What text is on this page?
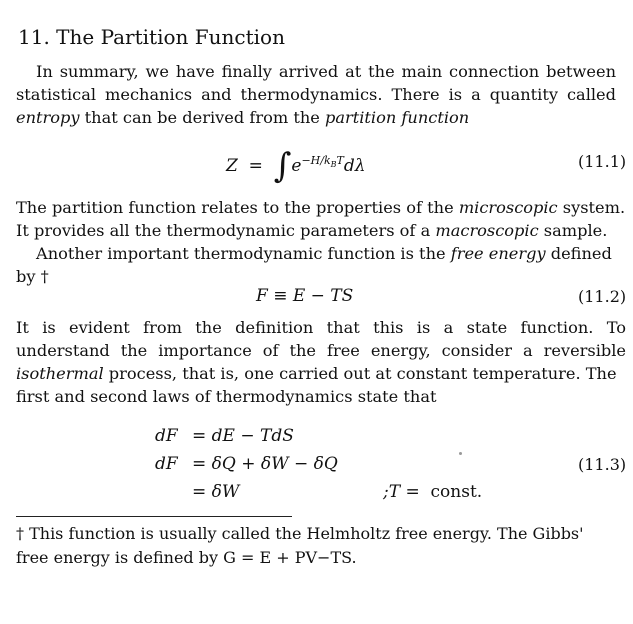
11. The Partition Function
In summary, we have finally arrived at the main connection between
statistical mechanics and thermodynamics. There is a quantity called
entropy that can be derived from the partition function
$Z = \int e^{-H/k_BT}d\lambda$	(11.1)
The partition function relates to the properties of the microscopic system.
It provides all the thermodynamic parameters of a macroscopic sample.
Another important thermodynamic function is the free energy defined
by †
F ≡ E − TS	(11.2)
It is evident from the definition that this is a state function. To
understand the importance of the free energy, consider a reversible
isothermal process, that is, one carried out at constant temperature. The
first and second laws of thermodynamics state that
dF = dE − TdS
dF = δQ + δW − δQ
= δW	;T = const.
(11.3)
† This function is usually called the Helmholtz free energy. The Gibbs'
free energy is defined by G = E + PV−TS.
